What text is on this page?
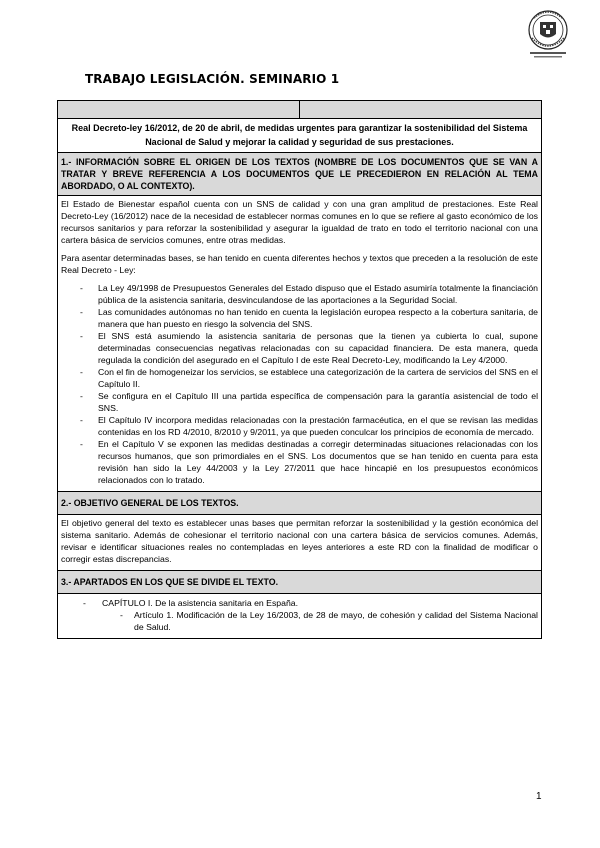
TRABAJO LEGISLACIÓN. SEMINARIO 1
Real Decreto-ley 16/2012, de 20 de abril, de medidas urgentes para garantizar la sostenibilidad del Sistema Nacional de Salud y mejorar la calidad y seguridad de sus prestaciones.
1.- INFORMACIÓN SOBRE EL ORIGEN DE LOS TEXTOS (NOMBRE DE LOS DOCUMENTOS QUE SE VAN A TRATAR Y BREVE REFERENCIA A LOS DOCUMENTOS QUE LE PRECEDIERON EN RELACIÓN AL TEMA ABORDADO, O AL CONTEXTO).

El Estado de Bienestar español cuenta con un SNS de calidad y con una gran amplitud de prestaciones. Este Real Decreto-Ley (16/2012) nace de la necesidad de establecer normas comunes en lo que se refiere al gasto económico de los recursos sanitarios y para reforzar la sostenibilidad y asegurar la igualdad de trato en todo el territorio nacional con una cartera básica de servicios comunes, entre otras medidas.

Para asentar determinadas bases, se han tenido en cuenta diferentes hechos y textos que preceden a la resolución de este Real Decreto - Ley:

- La Ley 49/1998 de Presupuestos Generales del Estado dispuso que el Estado asumiría totalmente la financiación pública de la asistencia sanitaria, desvinculandose de las aportaciones a la Seguridad Social.
- Las comunidades autónomas no han tenido en cuenta la legislación europea respecto a la cobertura sanitaria, de manera que han puesto en riesgo la solvencia del SNS.
- El SNS está asumiendo la asistencia sanitaria de personas que la tienen ya cubierta lo cual, supone determinadas consecuencias negativas relacionadas con su capacidad financiera. De esta manera, queda regulada la condición del asegurado en el Capítulo I de este Real Decreto-Ley, modificando la Ley 4/2000.
- Con el fin de homogeneizar los servicios, se establece una categorización de la cartera de servicios del SNS en el Capítulo II.
- Se configura en el Capítulo III una partida específica de compensación para la garantía asistencial de todo el SNS.
- El Capítulo IV incorpora medidas relacionadas con la prestación farmacéutica, en el que se revisan las medidas contenidas en los RD 4/2010, 8/2010 y 9/2011, ya que pueden conculcar los principios de economía de mercado.
- En el Capítulo V se exponen las medidas destinadas a corregir determinadas situaciones relacionadas con los recursos humanos, que son primordiales en el SNS. Los documentos que se han tenido en cuenta para esta revisión han sido la Ley 44/2003 y la Ley 27/2011 que hace hincapié en los presupuestos económicos relacionados con lo tratado.
2.- OBJETIVO GENERAL DE LOS TEXTOS.
El objetivo general del texto es establecer unas bases que permitan reforzar la sostenibilidad y la gestión económica del sistema sanitario. Además de cohesionar el territorio nacional con una cartera básica de servicios comunes. Además, revisar e identificar situaciones reales no contempladas en leyes anteriores a este RD con la finalidad de modificar o corregir estas discrepancias.
3.- APARTADOS EN LOS QUE SE DIVIDE EL TEXTO.
- CAPÍTULO I. De la asistencia sanitaria en España.
- Artículo 1. Modificación de la Ley 16/2003, de 28 de mayo, de cohesión y calidad del Sistema Nacional de Salud.
1
